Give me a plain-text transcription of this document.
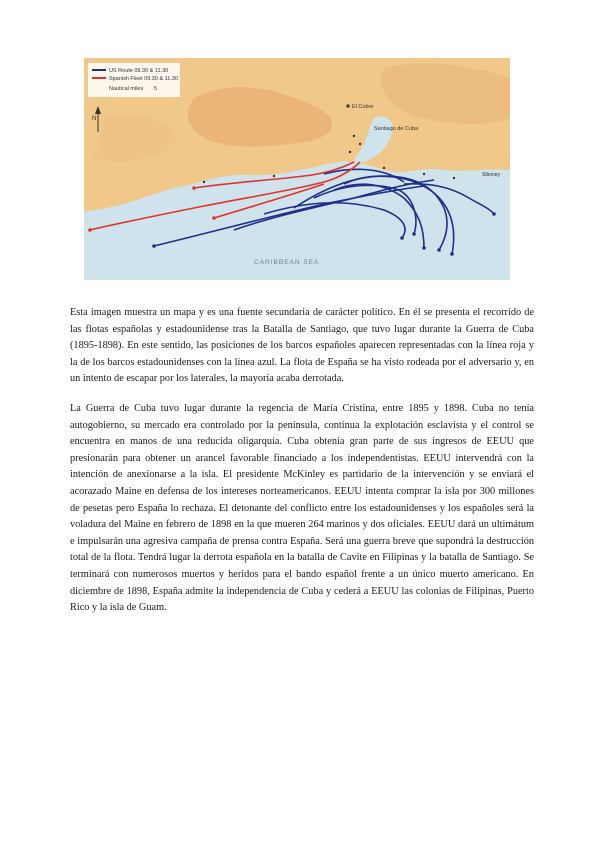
US Route 09.30 & 11.30
Spanish Fleet 09.30 & 11.30
Nautical miles 5
N
El Cobre
Santiago de Cuba
Siboney
CARIBBEAN SEA

Esta imagen muestra un mapa y es una fuente secundaria de carácter político. En él se presenta el recorrido de las flotas españolas y estadounidense tras la Batalla de Santiago, que tuvo lugar durante la Guerra de Cuba (1895-1898). En este sentido, las posiciones de los barcos españoles aparecen representadas con la línea roja y la de los barcos estadounidenses con la línea azul. La flota de España se ha visto rodeada por el adversario y, en un intento de escapar por los laterales, la mayoría acaba derrotada.

La Guerra de Cuba tuvo lugar durante la regencia de María Cristina, entre 1895 y 1898. Cuba no tenía autogobierno, su mercado era controlado por la península, continua la explotación esclavista y el control se encuentra en manos de una reducida oligarquía. Cuba obtenía gran parte de sus ingresos de EEUU que presionarán para obtener un arancel favorable financiado a los independentistas. EEUU intervendrá con la intención de anexionarse a la isla. El presidente McKinley es partidario de la intervención y se enviará el acorazado Maine en defensa de los intereses norteamericanos. EEUU intenta comprar la isla por 300 millones de pesetas pero España lo rechaza. El detonante del conflicto entre los estadounidenses y los españoles será la voladura del Maine en febrero de 1898 en la que mueren 264 marinos y dos oficiales. EEUU dará un ultimátum e impulsarán una agresiva campaña de prensa contra España. Será una guerra breve que supondrá la destrucción total de la flota. Tendrá lugar la derrota española en la batalla de Cavite en Filipinas y la batalla de Santiago. Se terminará con numerosos muertos y heridos para el bando español frente a un único muerto americano. En diciembre de 1898, España admite la independencia de Cuba y cederá a EEUU las colonias de Filipinas, Puerto Rico y la isla de Guam.
